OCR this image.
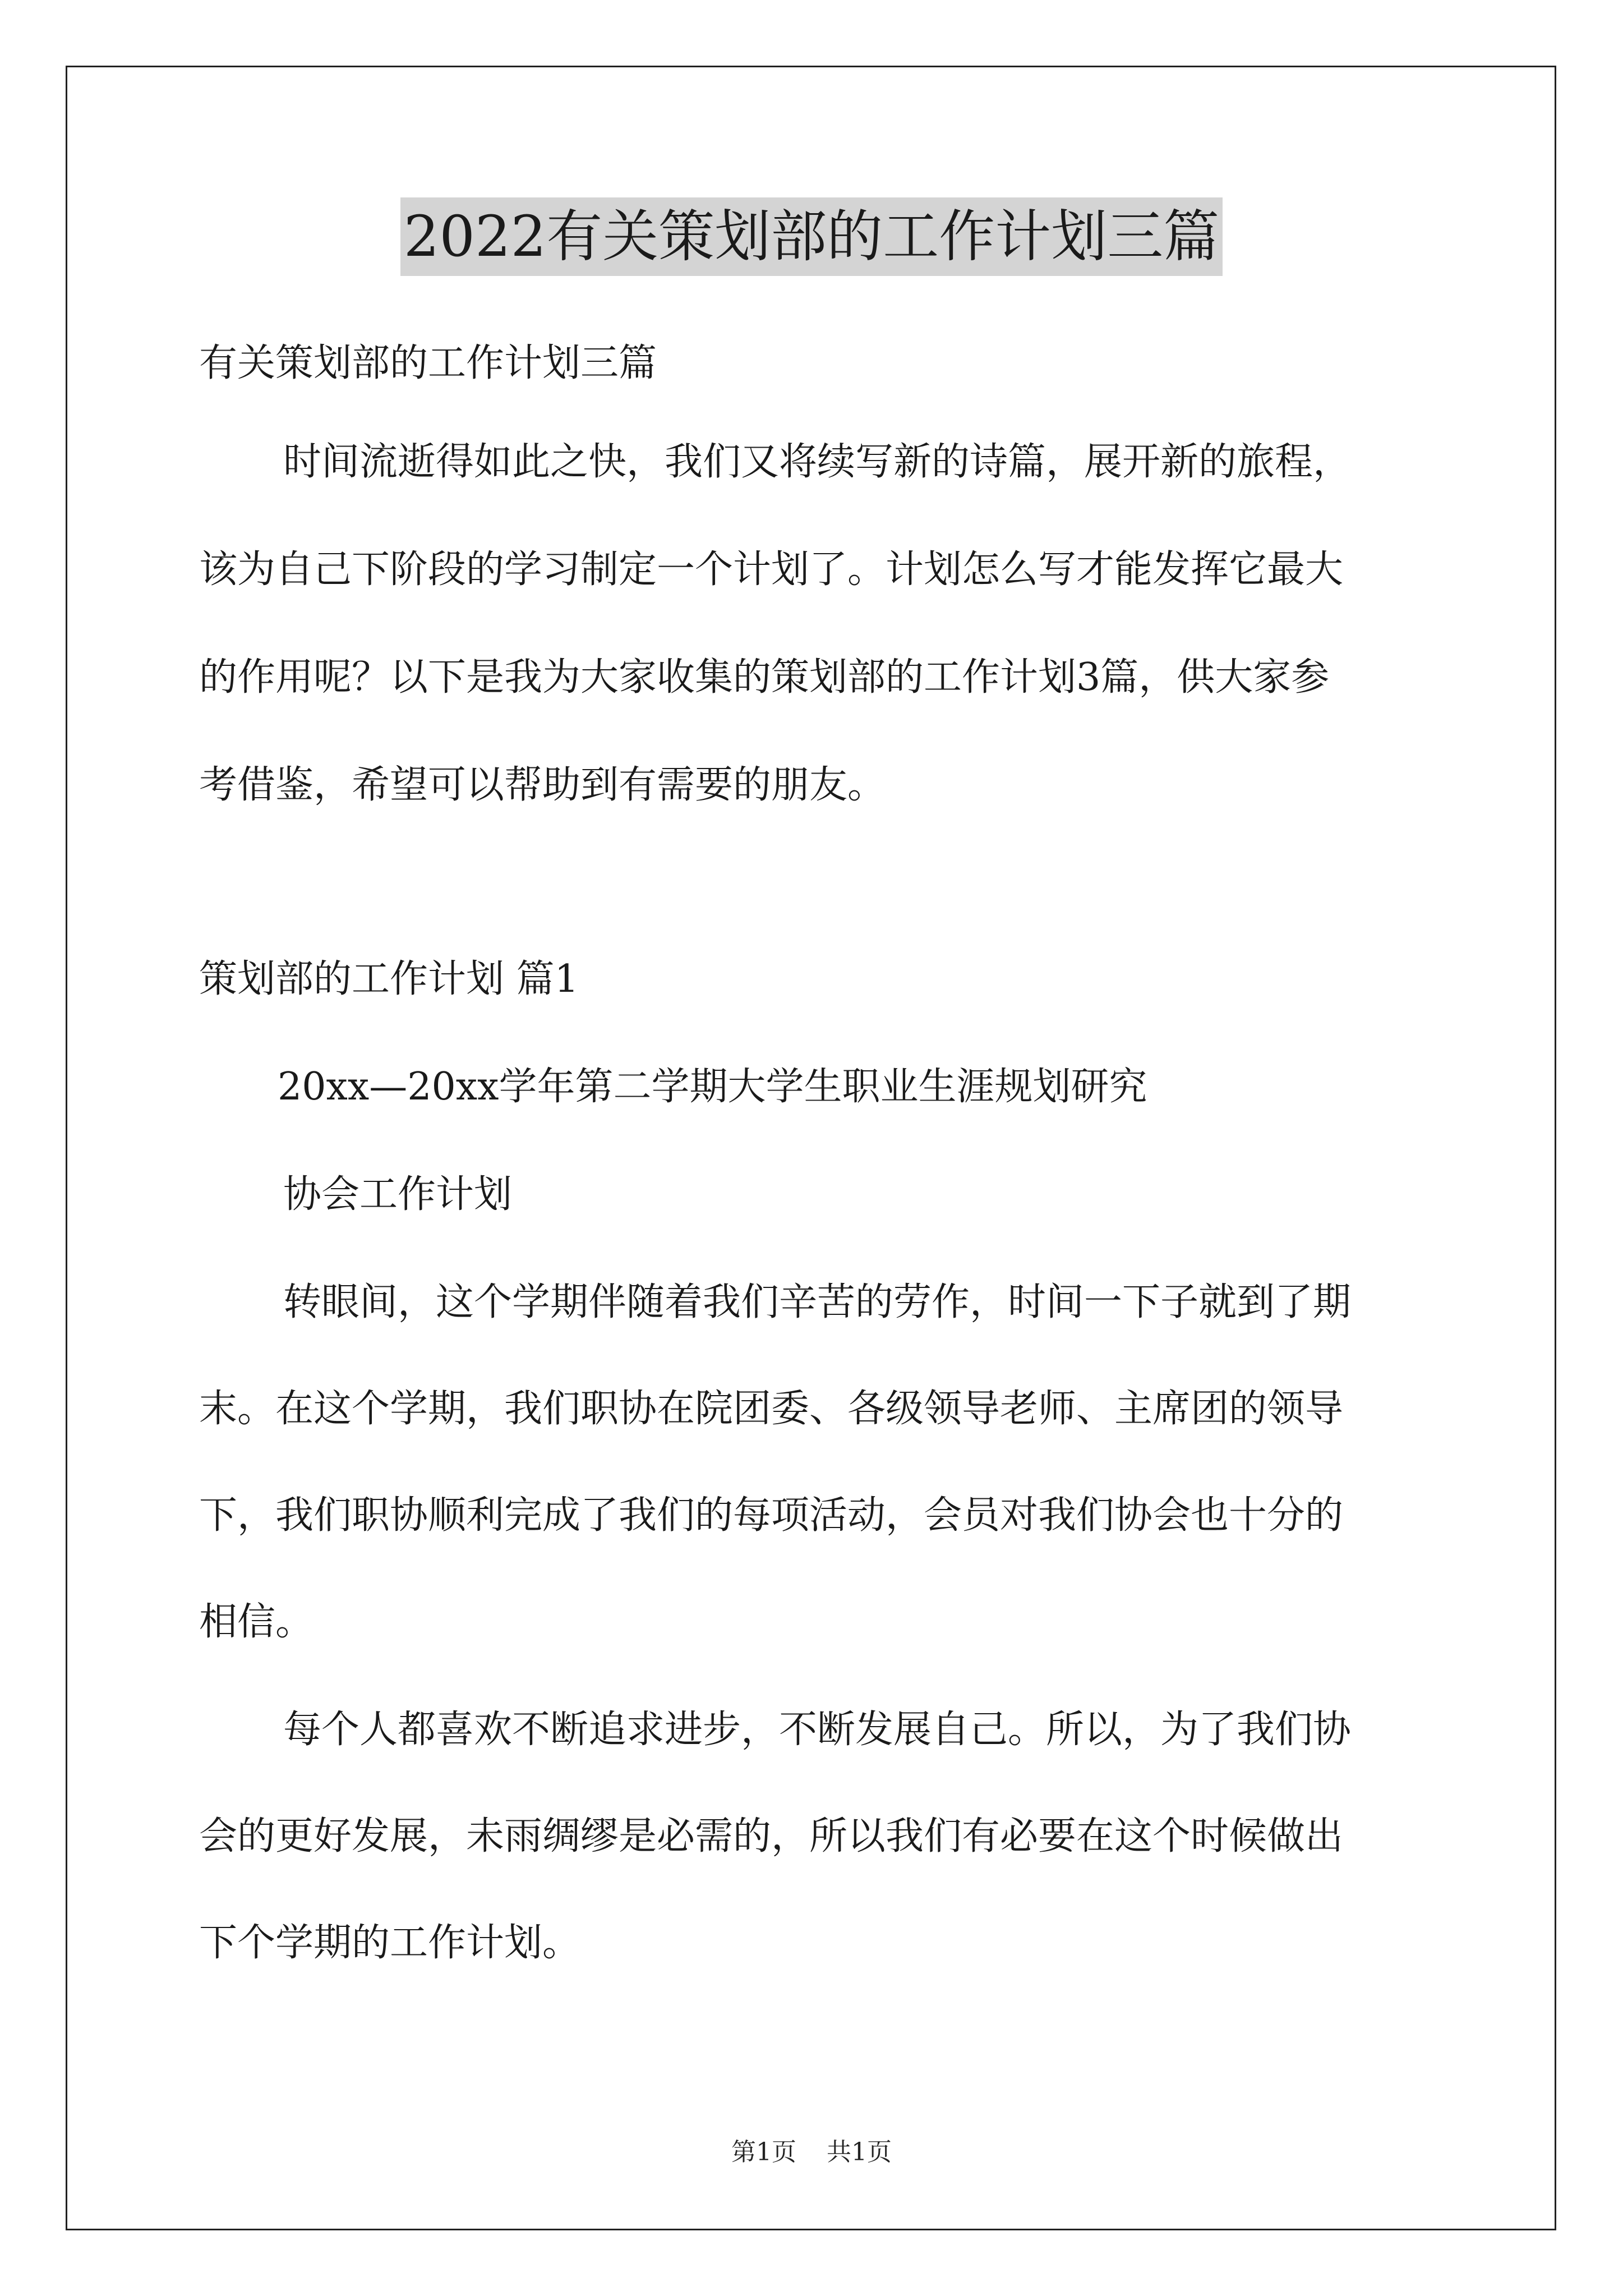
2022有关策划部的工作计划三篇
有关策划部的工作计划三篇
时间流逝得如此之快，我们又将续写新的诗篇，展开新的旅程，
该为自己下阶段的学习制定一个计划了。计划怎么写才能发挥它最大
的作用呢？以下是我为大家收集的策划部的工作计划3篇，供大家参
考借鉴，希望可以帮助到有需要的朋友。
策划部的工作计划 篇1
20xx—20xx学年第二学期大学生职业生涯规划研究
协会工作计划
转眼间，这个学期伴随着我们辛苦的劳作，时间一下子就到了期
末。在这个学期，我们职协在院团委、各级领导老师、主席团的领导
下，我们职协顺利完成了我们的每项活动，会员对我们协会也十分的
相信。
每个人都喜欢不断追求进步，不断发展自己。所以，为了我们协
会的更好发展，未雨绸缪是必需的，所以我们有必要在这个时候做出
下个学期的工作计划。
第1页 共1页
